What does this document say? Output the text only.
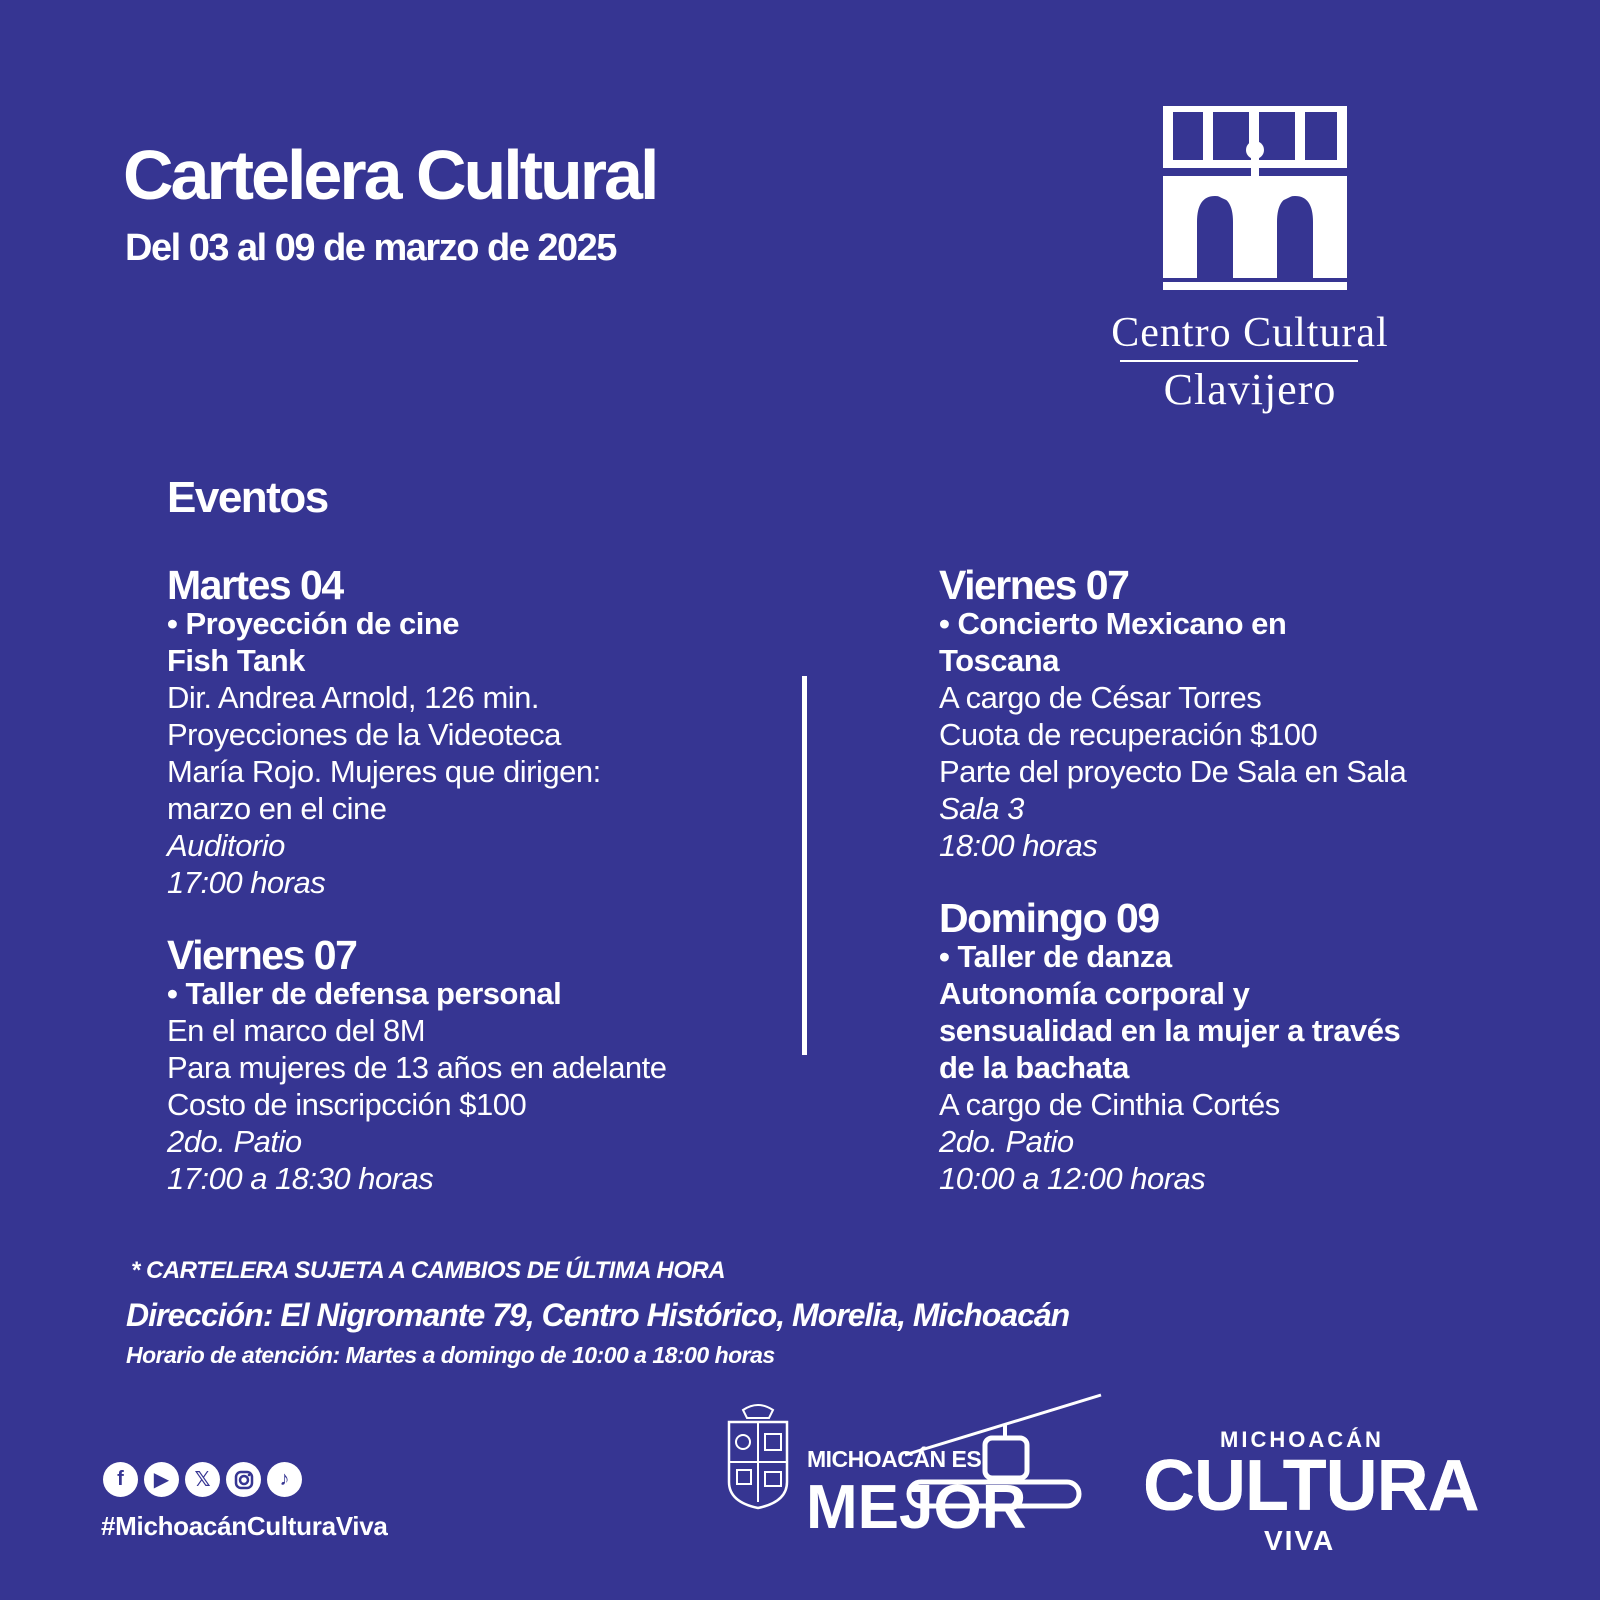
Cartelera Cultural
Del 03 al 09 de marzo de 2025
Centro Cultural
Clavijero
Eventos
Martes 04
• Proyección de cine
Fish Tank
Dir. Andrea Arnold, 126 min.
Proyecciones de la Videoteca
María Rojo. Mujeres que dirigen:
marzo en el cine
Auditorio
17:00 horas
Viernes 07
• Taller de defensa personal
En el marco del 8M
Para mujeres de 13 años en adelante
Costo de inscripcción $100
2do. Patio
17:00 a 18:30 horas
Viernes 07
• Concierto Mexicano en
Toscana
A cargo de César Torres
Cuota de recuperación $100
Parte del proyecto De Sala en Sala
Sala 3
18:00 horas
Domingo 09
• Taller de danza
Autonomía corporal y
sensualidad en la mujer a través
de la bachata
A cargo de Cinthia Cortés
2do. Patio
10:00 a 12:00 horas
* CARTELERA SUJETA A CAMBIOS DE ÚLTIMA HORA
Dirección: El Nigromante 79, Centro Histórico, Morelia, Michoacán
Horario de atención: Martes a domingo de 10:00 a 18:00 horas
f	▶	𝕏	♪
#MichoacánCulturaViva
MICHOACÁN ES
MEJOR
MICHOACÁN
CULTURA
VIVA
